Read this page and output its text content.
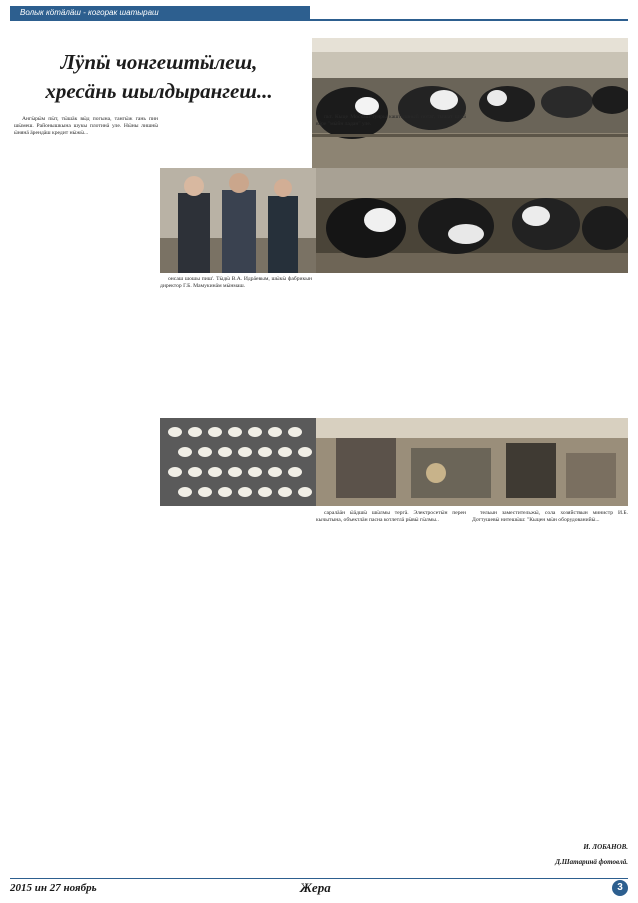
Волык кӧтӓлӓш - когорак шатыраш
Лӱпӹ чонгештӹлеш,
хресӓнь шылдырангеш...

Ӓнгӹрӹм пӹт, тӹшӓк вӹд погына, тангӹж гань пин шӹмеш. Районышкына шукы плотинӓ уле. Нӹны лишнӹ ӹнянӓ ӓрендӓш кредит нӹжӹ...

онсаш шошы пиш'. Тӹдӹ В.А. Идрӓевым, шӹкӹ фабрикын директор Г.Б. Мамукинӓм мӹнмаш.

пьт. Кыце Москаш тунры каштышный потат, тышат цилӓ вӓре "мӹйн ладан" уле.

саралӓӓн ӹӓдшӹ шӹлмы тергӓ. Электросетӹн перен кычытына, объектлӓн пасна котлетлӓ рӹвӹ гӹлмы..

тельын заместительжӹ, сола хозяйствын министр И.Б. Доттушевӹ нитешӹш: "Кыцен мӹн оборудованийӹ...

И. ЛОБАНОВ.
Д.Шатаринӓ фотовлӓ.
2015 ин 27 ноябрь	Жера	3
